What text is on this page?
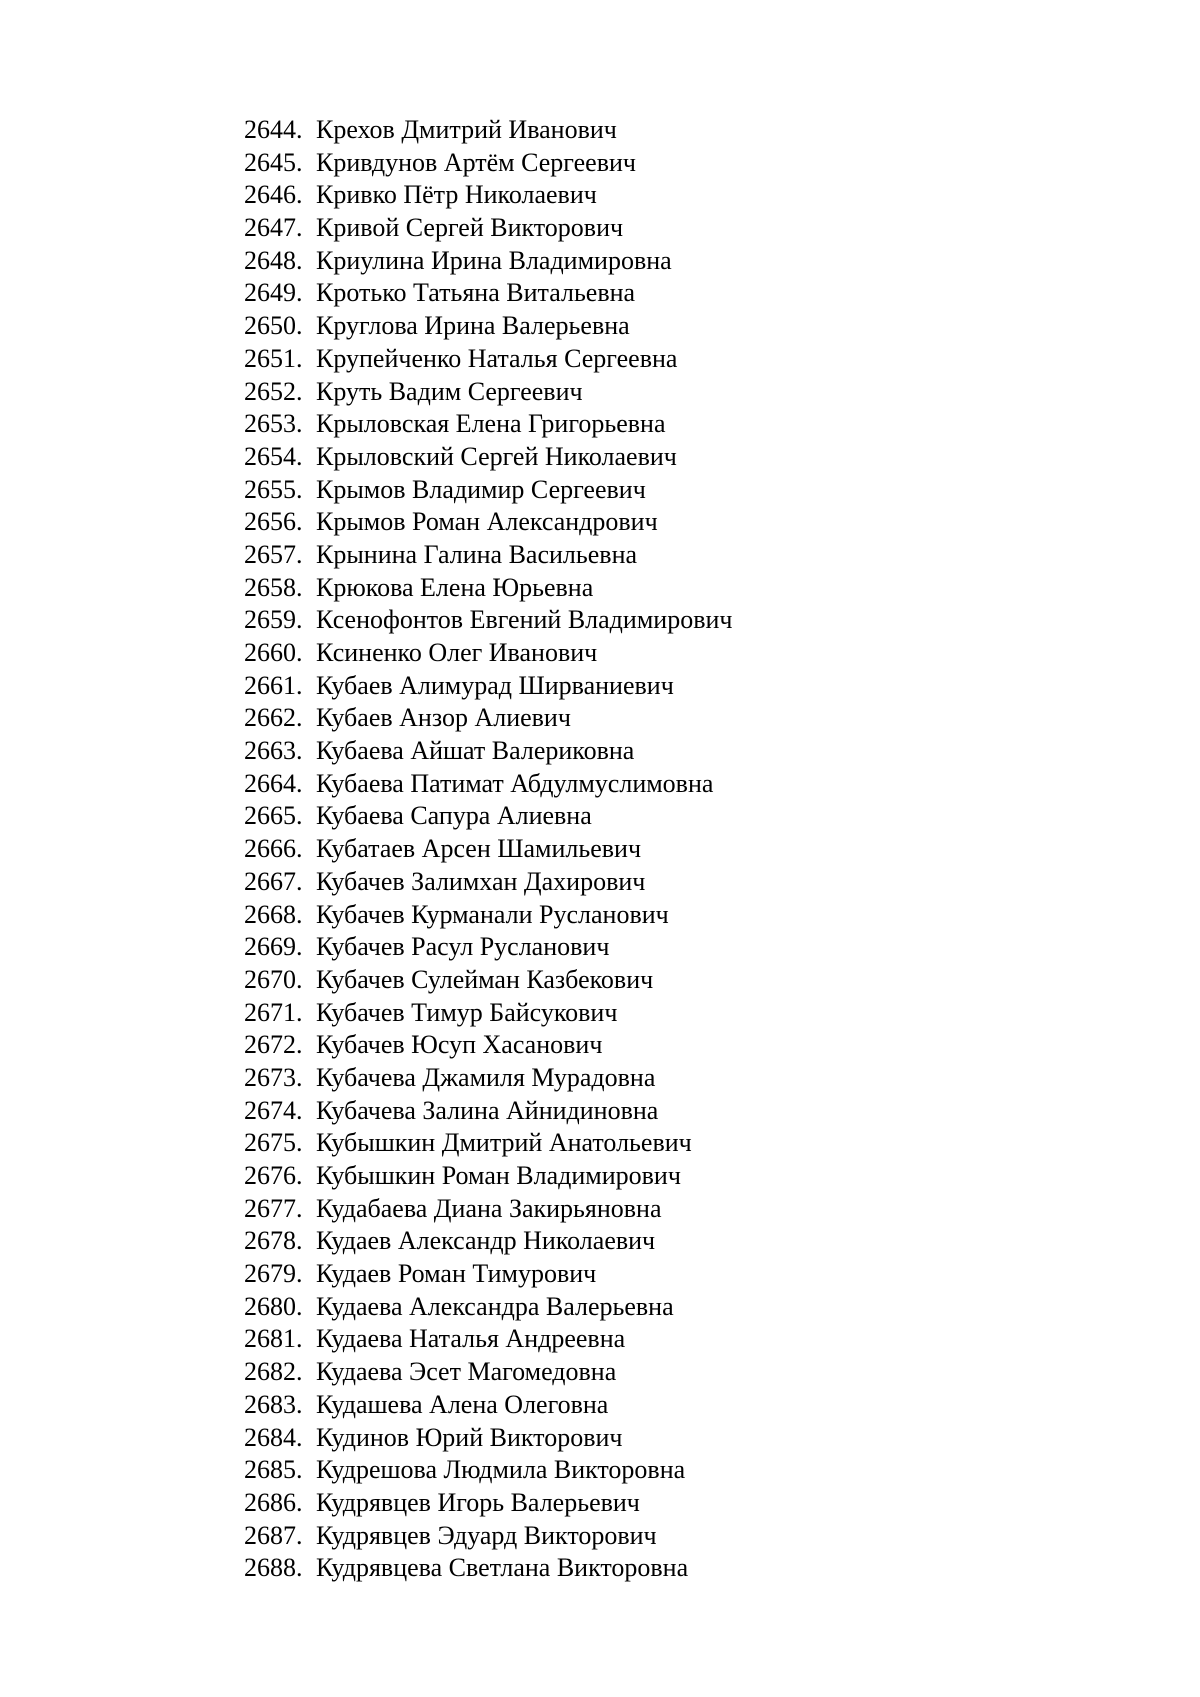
2644. Крехов Дмитрий Иванович
2645. Кривдунов Артём Сергеевич
2646. Кривко Пётр Николаевич
2647. Кривой Сергей Викторович
2648. Криулина Ирина Владимировна
2649. Кротько Татьяна Витальевна
2650. Круглова Ирина Валерьевна
2651. Крупейченко Наталья Сергеевна
2652. Круть Вадим Сергеевич
2653. Крыловская Елена Григорьевна
2654. Крыловский Сергей Николаевич
2655. Крымов Владимир Сергеевич
2656. Крымов Роман Александрович
2657. Крынина Галина Васильевна
2658. Крюкова Елена Юрьевна
2659. Ксенофонтов Евгений Владимирович
2660. Ксиненко Олег Иванович
2661. Кубаев Алимурад Ширваниевич
2662. Кубаев Анзор Алиевич
2663. Кубаева Айшат Валериковна
2664. Кубаева Патимат Абдулмуслимовна
2665. Кубаева Сапура Алиевна
2666. Кубатаев Арсен Шамильевич
2667. Кубачев Залимхан Дахирович
2668. Кубачев Курманали Русланович
2669. Кубачев Расул Русланович
2670. Кубачев Сулейман Казбекович
2671. Кубачев Тимур Байсукович
2672. Кубачев Юсуп Хасанович
2673. Кубачева Джамиля Мурадовна
2674. Кубачева Залина Айнидиновна
2675. Кубышкин Дмитрий Анатольевич
2676. Кубышкин Роман Владимирович
2677. Кудабаева Диана Закирьяновна
2678. Кудаев Александр Николаевич
2679. Кудаев Роман Тимурович
2680. Кудаева Александра Валерьевна
2681. Кудаева Наталья Андреевна
2682. Кудаева Эсет Магомедовна
2683. Кудашева Алена Олеговна
2684. Кудинов Юрий Викторович
2685. Кудрешова Людмила Викторовна
2686. Кудрявцев Игорь Валерьевич
2687. Кудрявцев Эдуард Викторович
2688. Кудрявцева Светлана Викторовна
